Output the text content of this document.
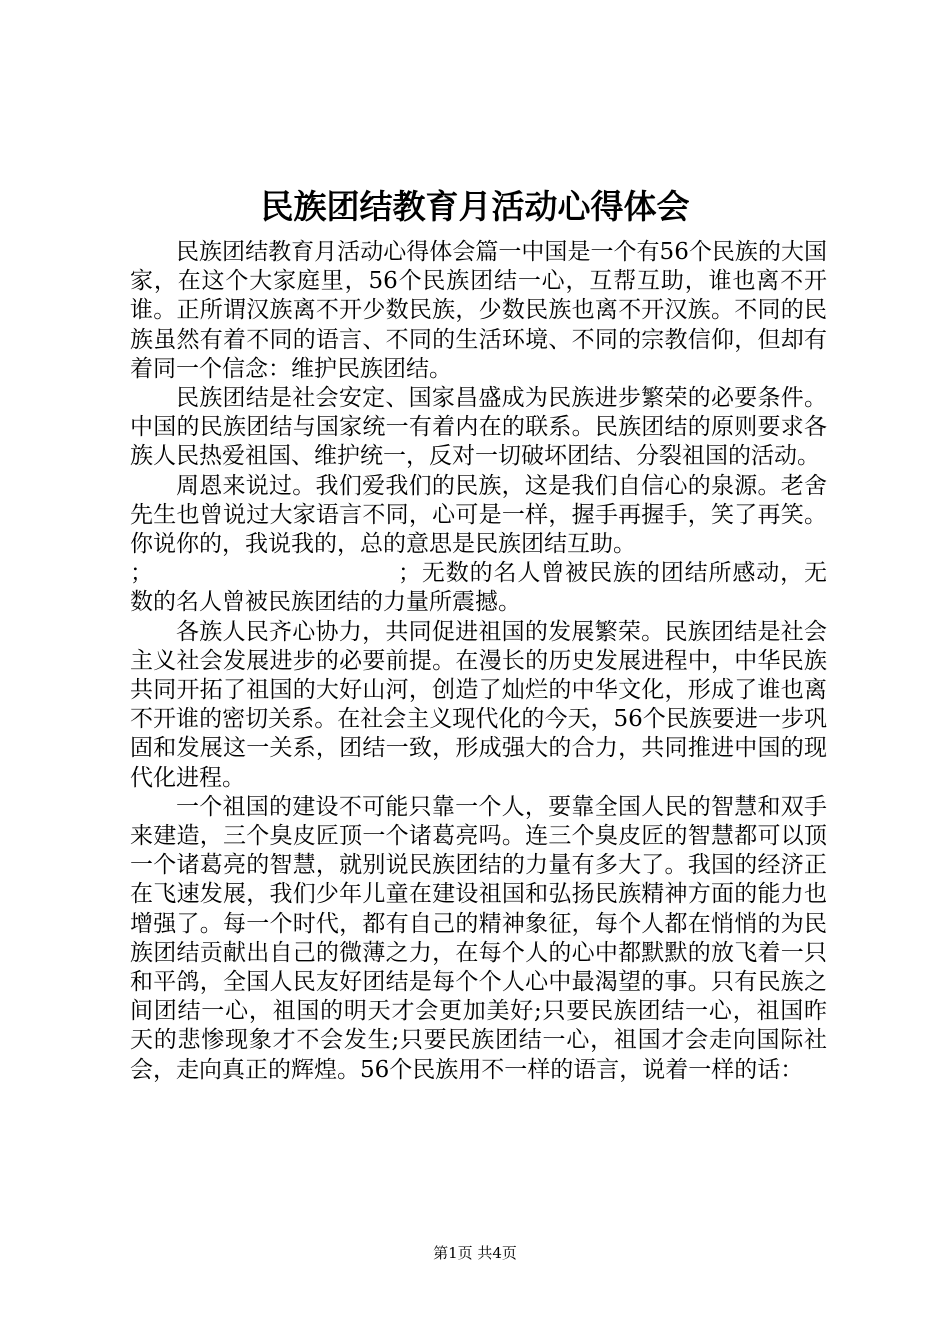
民族团结教育月活动心得体会

民族团结教育月活动心得体会篇一中国是一个有56个民族的大国家，在这个大家庭里，56个民族团结一心，互帮互助，谁也离不开谁。正所谓汉族离不开少数民族，少数民族也离不开汉族。不同的民族虽然有着不同的语言、不同的生活环境、不同的宗教信仰，但却有着同一个信念：维护民族团结。

民族团结是社会安定、国家昌盛成为民族进步繁荣的必要条件。中国的民族团结与国家统一有着内在的联系。民族团结的原则要求各族人民热爱祖国、维护统一，反对一切破坏团结、分裂祖国的活动。

周恩来说过。我们爱我们的民族，这是我们自信心的泉源。老舍先生也曾说过大家语言不同，心可是一样，握手再握手，笑了再笑。你说你的，我说我的，总的意思是民族团结互助。

；	；无数的名人曾被民族的团结所感动，无数的名人曾被民族团结的力量所震撼。

各族人民齐心协力，共同促进祖国的发展繁荣。民族团结是社会主义社会发展进步的必要前提。在漫长的历史发展进程中，中华民族共同开拓了祖国的大好山河，创造了灿烂的中华文化，形成了谁也离不开谁的密切关系。在社会主义现代化的今天，56个民族要进一步巩固和发展这一关系，团结一致，形成强大的合力，共同推进中国的现代化进程。

一个祖国的建设不可能只靠一个人，要靠全国人民的智慧和双手来建造，三个臭皮匠顶一个诸葛亮吗。连三个臭皮匠的智慧都可以顶一个诸葛亮的智慧，就别说民族团结的力量有多大了。我国的经济正在飞速发展，我们少年儿童在建设祖国和弘扬民族精神方面的能力也增强了。每一个时代，都有自己的精神象征，每个人都在悄悄的为民族团结贡献出自己的微薄之力，在每个人的心中都默默的放飞着一只和平鸽，全国人民友好团结是每个个人心中最渴望的事。只有民族之间团结一心，祖国的明天才会更加美好;只要民族团结一心，祖国昨天的悲惨现象才不会发生;只要民族团结一心，祖国才会走向国际社会，走向真正的辉煌。56个民族用不一样的语言，说着一样的话：

第1页 共4页
